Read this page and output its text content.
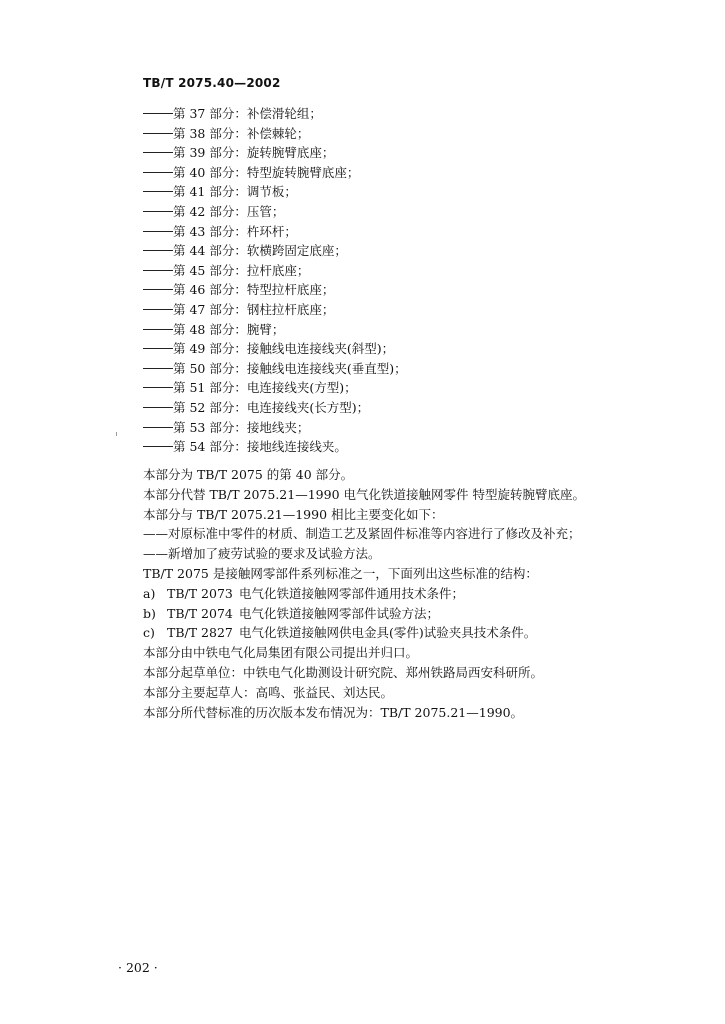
TB/T 2075.40—2002
第 37 部分：补偿滑轮组；
第 38 部分：补偿棘轮；
第 39 部分：旋转腕臂底座；
第 40 部分：特型旋转腕臂底座；
第 41 部分：调节板；
第 42 部分：压管；
第 43 部分：杵环杆；
第 44 部分：软横跨固定底座；
第 45 部分：拉杆底座；
第 46 部分：特型拉杆底座；
第 47 部分：钢柱拉杆底座；
第 48 部分：腕臂；
第 49 部分：接触线电连接线夹(斜型)；
第 50 部分：接触线电连接线夹(垂直型)；
第 51 部分：电连接线夹(方型)；
第 52 部分：电连接线夹(长方型)；
第 53 部分：接地线夹；
第 54 部分：接地线连接线夹。
本部分为 TB/T 2075 的第 40 部分。
本部分代替 TB/T 2075.21—1990 电气化铁道接触网零件 特型旋转腕臂底座。
本部分与 TB/T 2075.21—1990 相比主要变化如下：
——对原标准中零件的材质、制造工艺及紧固件标准等内容进行了修改及补充；
——新增加了疲劳试验的要求及试验方法。
TB/T 2075 是接触网零部件系列标准之一，下面列出这些标准的结构：
a) TB/T 2073 电气化铁道接触网零部件通用技术条件；
b) TB/T 2074 电气化铁道接触网零部件试验方法；
c) TB/T 2827 电气化铁道接触网供电金具(零件)试验夹具技术条件。
本部分由中铁电气化局集团有限公司提出并归口。
本部分起草单位：中铁电气化勘测设计研究院、郑州铁路局西安科研所。
本部分主要起草人：高鸣、张益民、刘达民。
本部分所代替标准的历次版本发布情况为：TB/T 2075.21—1990。
· 202 ·
